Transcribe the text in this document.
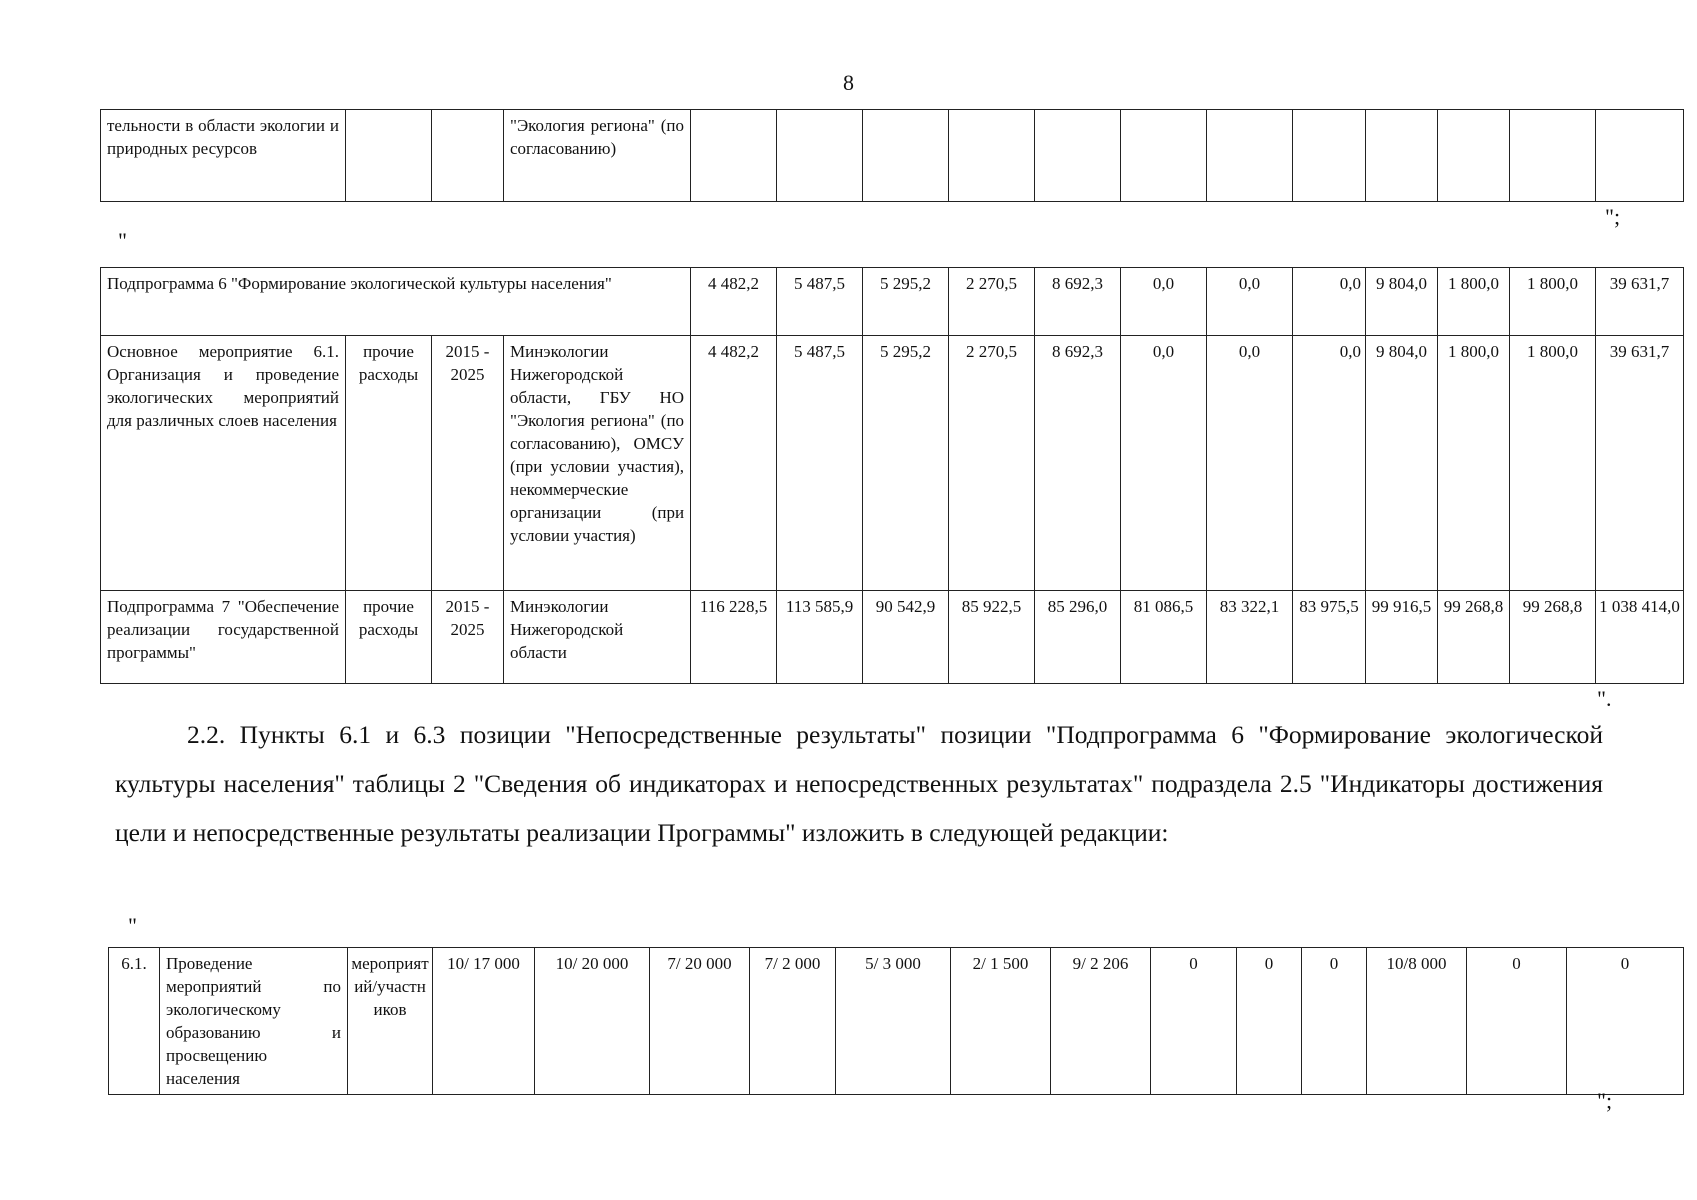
8
тельности в области экологии и природных ресурсов			"Экология региона" (по согласованию)												
";
"
Подпрограмма 6 "Формирование экологической культуры населения"				4 482,2	5 487,5	5 295,2	2 270,5	8 692,3	0,0	0,0	0,0	9 804,0	1 800,0	1 800,0	39 631,7
Основное мероприятие 6.1. Организация и проведение экологических мероприятий для различных слоев населения	прочие расходы	2015 - 2025	Минэкологии Нижегородской области, ГБУ НО "Экология региона" (по согласованию), ОМСУ (при условии участия), некоммерческие организации (при условии участия)	4 482,2	5 487,5	5 295,2	2 270,5	8 692,3	0,0	0,0	0,0	9 804,0	1 800,0	1 800,0	39 631,7
Подпрограмма 7 "Обеспечение реализации государственной программы"	прочие расходы	2015 - 2025	Минэкологии Нижегородской области	116 228,5	113 585,9	90 542,9	85 922,5	85 296,0	81 086,5	83 322,1	83 975,5	99 916,5	99 268,8	99 268,8	1 038 414,0
".
2.2. Пункты 6.1 и 6.3 позиции "Непосредственные результаты" позиции "Подпрограмма 6 "Формирование экологической культуры населения" таблицы 2 "Сведения об индикаторах и непосредственных результатах" подраздела 2.5 "Индикаторы достижения цели и непосредственные результаты реализации Программы" изложить в следующей редакции:
"
6.1.	Проведение мероприятий по экологическому образованию и просвещению населения	мероприятий/участников	10/ 17 000	10/ 20 000	7/ 20 000	7/ 2 000	5/ 3 000	2/ 1 500	9/ 2 206	0	0	0	10/8 000	0	0
";
